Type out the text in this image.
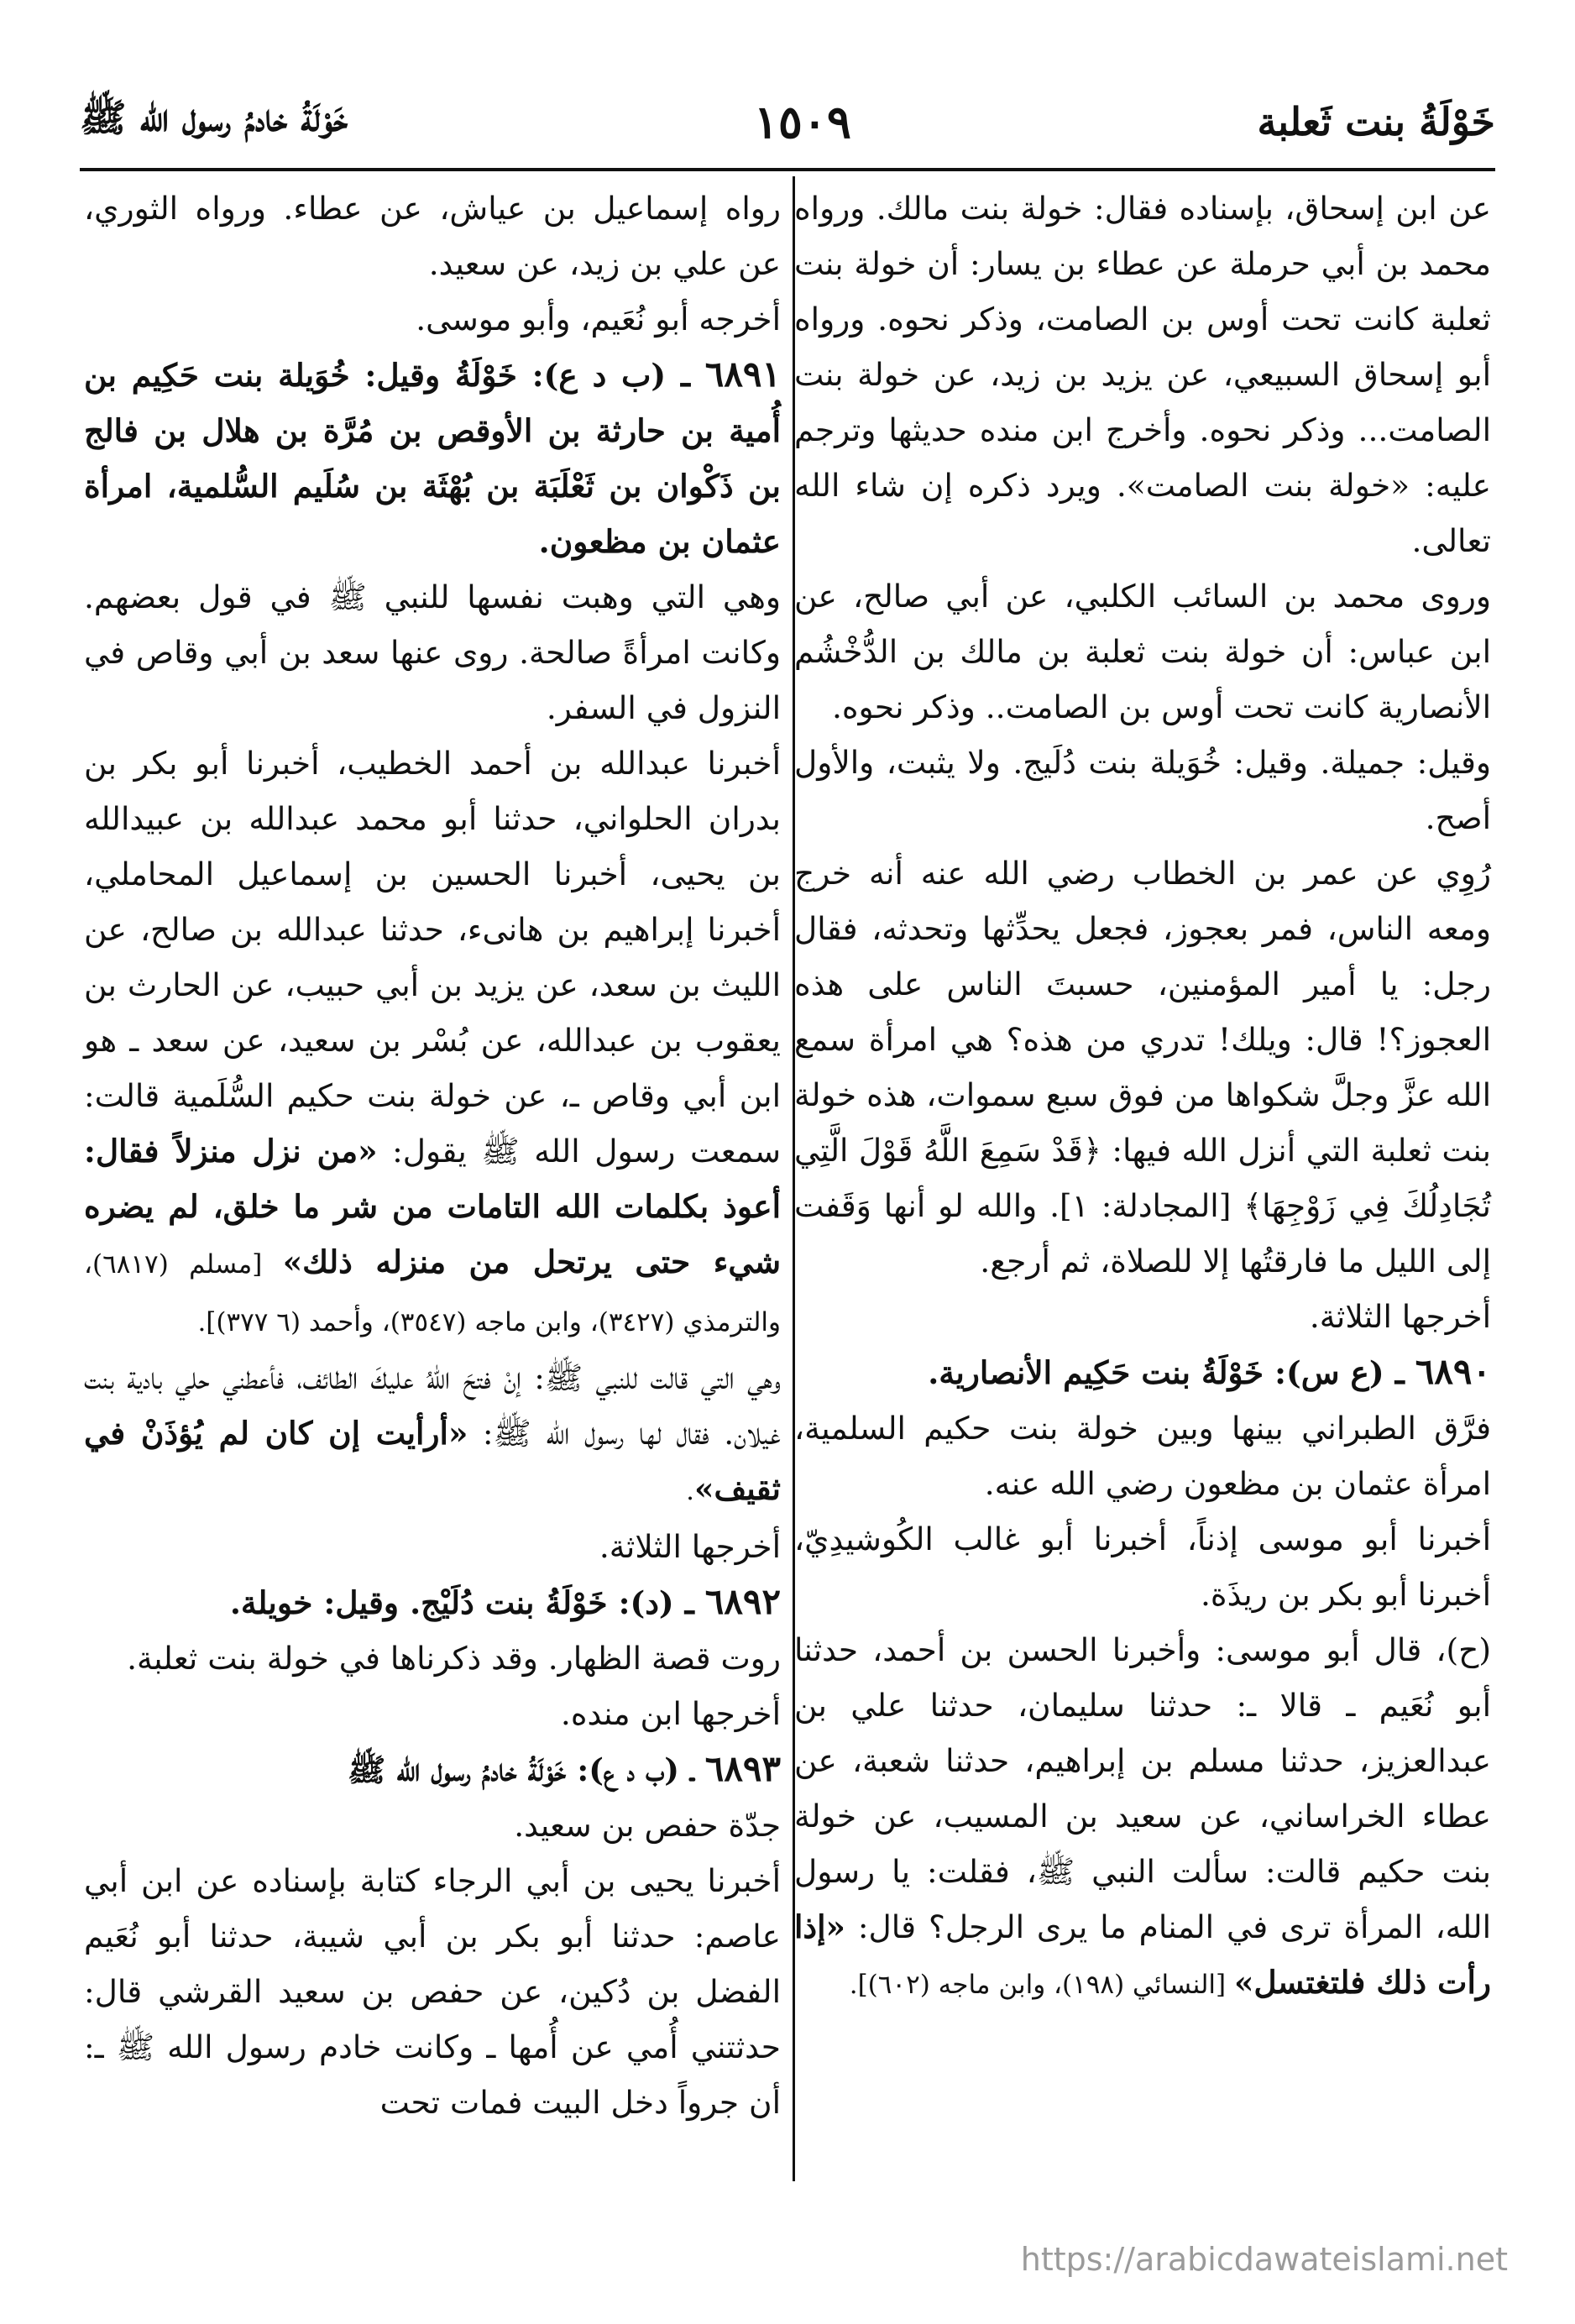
خَوْلَةُ بنت ثَعلبة
١٥٠٩
خَوْلَةُ خادمُ رسول الله ﷺ

عن ابن إسحاق، بإسناده فقال: خولة بنت مالك. ورواه محمد بن أبي حرملة عن عطاء بن يسار: أن خولة بنت ثعلبة كانت تحت أوس بن الصامت، وذكر نحوه. ورواه أبو إسحاق السبيعي، عن يزيد بن زيد، عن خولة بنت الصامت... وذكر نحوه. وأخرج ابن منده حديثها وترجم عليه: «خولة بنت الصامت». ويرد ذكره إن شاء الله تعالى.

وروى محمد بن السائب الكلبي، عن أبي صالح، عن ابن عباس: أن خولة بنت ثعلبة بن مالك بن الدُّخْشُم الأنصارية كانت تحت أوس بن الصامت.. وذكر نحوه.

وقيل: جميلة. وقيل: خُوَيلة بنت دُلَيج. ولا يثبت، والأول أصح.

رُوِي عن عمر بن الخطاب رضي الله عنه أنه خرج ومعه الناس، فمر بعجوز، فجعل يحدِّثها وتحدثه، فقال رجل: يا أمير المؤمنين، حسبتَ الناس على هذه العجوز؟! قال: ويلك! تدري من هذه؟ هي امرأة سمع الله عزَّ وجلَّ شكواها من فوق سبع سموات، هذه خولة بنت ثعلبة التي أنزل الله فيها: ﴿قَدْ سَمِعَ اللَّهُ قَوْلَ الَّتِي تُجَادِلُكَ فِي زَوْجِهَا﴾ [المجادلة: ١]. والله لو أنها وَقَفت إلى الليل ما فارقتُها إلا للصلاة، ثم أرجع.

أخرجها الثلاثة.

٦٨٩٠ ـ (ع س): خَوْلَةُ بنت حَكِيم الأنصارية.

فرَّق الطبراني بينها وبين خولة بنت حكيم السلمية، امرأة عثمان بن مظعون رضي الله عنه.

أخبرنا أبو موسى إذناً، أخبرنا أبو غالب الكُوشيدِيّ، أخبرنا أبو بكر بن ريذَة.

(ح)، قال أبو موسى: وأخبرنا الحسن بن أحمد، حدثنا أبو نُعَيم ـ قالا ـ: حدثنا سليمان، حدثنا علي بن عبدالعزيز، حدثنا مسلم بن إبراهيم، حدثنا شعبة، عن عطاء الخراساني، عن سعيد بن المسيب، عن خولة بنت حكيم قالت: سألت النبي ﷺ، فقلت: يا رسول الله، المرأة ترى في المنام ما يرى الرجل؟ قال: «إذا رأت ذلك فلتغتسل» [النسائي (١٩٨)، وابن ماجه (٦٠٢)].

رواه إسماعيل بن عياش، عن عطاء. ورواه الثوري، عن علي بن زيد، عن سعيد.

أخرجه أبو نُعَيم، وأبو موسى.

٦٨٩١ ـ (ب د ع): خَوْلَةُ وقيل: خُوَيلة بنت حَكِيم بن أُمية بن حارثة بن الأوقص بن مُرَّة بن هلال بن فالج بن ذَكْوان بن ثَعْلَبَة بن بُهْثَة بن سُلَيم السُّلمية، امرأة عثمان بن مظعون.

وهي التي وهبت نفسها للنبي ﷺ في قول بعضهم. وكانت امرأةً صالحة. روى عنها سعد بن أبي وقاص في النزول في السفر.

أخبرنا عبدالله بن أحمد الخطيب، أخبرنا أبو بكر بن بدران الحلواني، حدثنا أبو محمد عبدالله بن عبيدالله بن يحيى، أخبرنا الحسين بن إسماعيل المحاملي، أخبرنا إبراهيم بن هانىء، حدثنا عبدالله بن صالح، عن الليث بن سعد، عن يزيد بن أبي حبيب، عن الحارث بن يعقوب بن عبدالله، عن بُسْر بن سعيد، عن سعد ـ هو ابن أبي وقاص ـ، عن خولة بنت حكيم السُّلَمية قالت: سمعت رسول الله ﷺ يقول: «من نزل منزلاً فقال: أعوذ بكلمات الله التامات من شر ما خلق، لم يضره شيء حتى يرتحل من منزله ذلك» [مسلم (٦٨١٧)، والترمذي (٣٤٢٧)، وابن ماجه (٣٥٤٧)، وأحمد (٦ ٣٧٧)].

وهي التي قالت للنبي ﷺ: إنْ فتحَ اللّهُ عليكَ الطائف، فأعطني حلي بادية بنت غيلان. فقال لها رسول الله ﷺ: «أرأيت إن كان لم يُؤذَنْ في ثقيف».

أخرجها الثلاثة.

٦٨٩٢ ـ (د): خَوْلَةُ بنت دُلَيْج. وقيل: خويلة.

روت قصة الظهار. وقد ذكرناها في خولة بنت ثعلبة.

أخرجها ابن منده.

٦٨٩٣ ـ (ب د ع): خَوْلَةُ خادمُ رسول الله ﷺ

جدّة حفص بن سعيد.

أخبرنا يحيى بن أبي الرجاء كتابة بإسناده عن ابن أبي عاصم: حدثنا أبو بكر بن أبي شيبة، حدثنا أبو نُعَيم الفضل بن دُكين، عن حفص بن سعيد القرشي قال: حدثتني أُمي عن أُمها ـ وكانت خادم رسول الله ﷺ ـ: أن جرواً دخل البيت فمات تحت

https://arabicdawateislami.net
